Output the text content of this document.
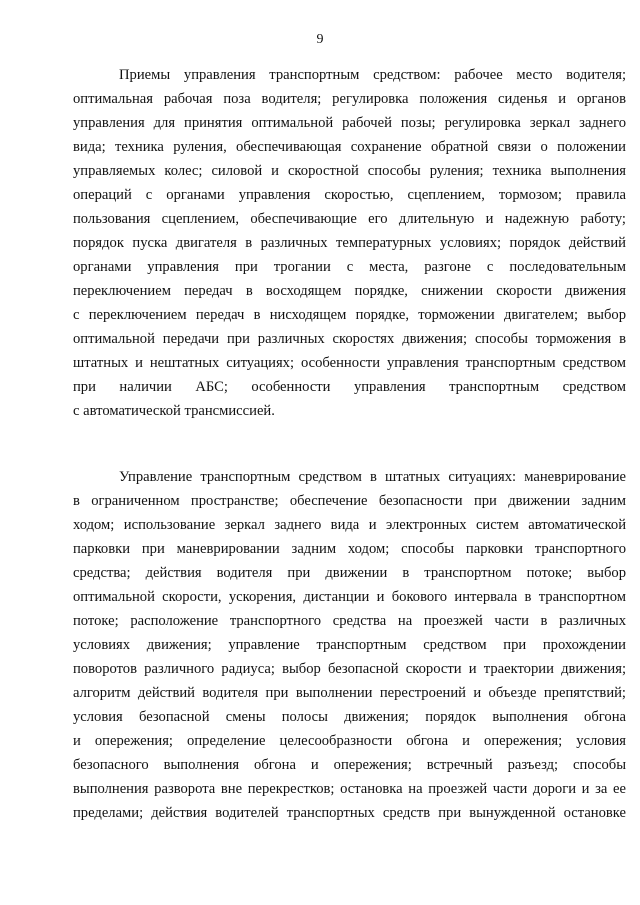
9
Приемы управления транспортным средством: рабочее место водителя;
оптимальная рабочая поза водителя; регулировка положения сиденья и органов
управления для принятия оптимальной рабочей позы; регулировка зеркал заднего
вида; техника руления, обеспечивающая сохранение обратной связи о положении
управляемых колес; силовой и скоростной способы руления; техника выполнения
операций с органами управления скоростью, сцеплением, тормозом; правила
пользования сцеплением, обеспечивающие его длительную и надежную работу;
порядок пуска двигателя в различных температурных условиях; порядок действий
органами управления при трогании с места, разгоне с последовательным
переключением передач в восходящем порядке, снижении скорости движения
с переключением передач в нисходящем порядке, торможении двигателем; выбор
оптимальной передачи при различных скоростях движения; способы торможения в
штатных и нештатных ситуациях; особенности управления транспортным средством
при наличии АБС; особенности управления транспортным средством
с автоматической трансмиссией.
Управление транспортным средством в штатных ситуациях: маневрирование
в ограниченном пространстве; обеспечение безопасности при движении задним
ходом; использование зеркал заднего вида и электронных систем автоматической
парковки при маневрировании задним ходом; способы парковки транспортного
средства; действия водителя при движении в транспортном потоке; выбор
оптимальной скорости, ускорения, дистанции и бокового интервала в транспортном
потоке; расположение транспортного средства на проезжей части в различных
условиях движения; управление транспортным средством при прохождении
поворотов различного радиуса; выбор безопасной скорости и траектории движения;
алгоритм действий водителя при выполнении перестроений и объезде препятствий;
условия безопасной смены полосы движения; порядок выполнения обгона
и опережения; определение целесообразности обгона и опережения; условия
безопасного выполнения обгона и опережения; встречный разъезд; способы
выполнения разворота вне перекрестков; остановка на проезжей части дороги и за ее
пределами; действия водителей транспортных средств при вынужденной остановке
